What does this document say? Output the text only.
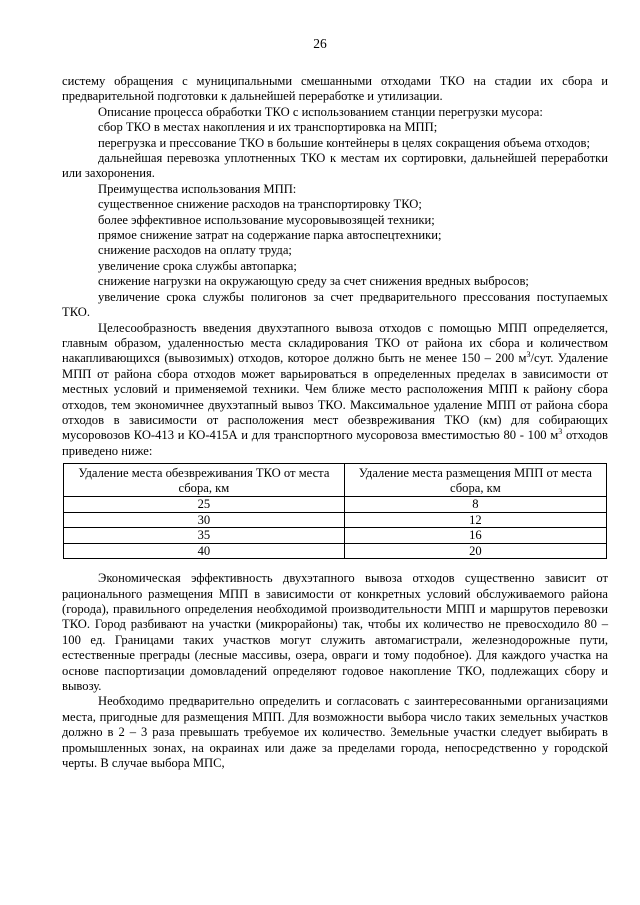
26

систему обращения с муниципальными смешанными отходами ТКО на стадии их сбора и предварительной подготовки к дальнейшей переработке и утилизации.

Описание процесса обработки ТКО с использованием станции перегрузки мусора:

сбор ТКО в местах накопления и их транспортировка на МПП;

перегрузка и прессование ТКО в большие контейнеры в целях сокращения объема отходов;

дальнейшая перевозка уплотненных ТКО к местам их сортировки, дальнейшей переработки или захоронения.

Преимущества использования МПП:

существенное снижение расходов на транспортировку ТКО;

более эффективное использование мусоровывозящей техники;

прямое снижение затрат на содержание парка автоспецтехники;

снижение расходов на оплату труда;

увеличение срока службы автопарка;

снижение нагрузки на окружающую среду за счет снижения вредных выбросов;

увеличение срока службы полигонов за счет предварительного прессования поступаемых ТКО.

Целесообразность введения двухэтапного вывоза отходов с помощью МПП определяется, главным образом, удаленностью места складирования ТКО от района их сбора и количеством накапливающихся (вывозимых) отходов, которое должно быть не менее 150 – 200 $м^3$/сут. Удаление МПП от района сбора отходов может варьироваться в определенных пределах в зависимости от местных условий и применяемой техники. Чем ближе место расположения МПП к району сбора отходов, тем экономичнее двухэтапный вывоз ТКО. Максимальное удаление МПП от района сбора отходов в зависимости от расположения мест обезвреживания ТКО (км) для собирающих мусоровозов КО-413 и КО-415А и для транспортного мусоровоза вместимостью 80 - 100 $м^3$ отходов приведено ниже:

Удаление места обезвреживания ТКО от места сбора, км	Удаление места размещения МПП от места сбора, км
25	8
30	12
35	16
40	20

Экономическая эффективность двухэтапного вывоза отходов существенно зависит от рационального размещения МПП в зависимости от конкретных условий обслуживаемого района (города), правильного определения необходимой производительности МПП и маршрутов перевозки ТКО. Город разбивают на участки (микрорайоны) так, чтобы их количество не превосходило 80 – 100 ед. Границами таких участков могут служить автомагистрали, железнодорожные пути, естественные преграды (лесные массивы, озера, овраги и тому подобное). Для каждого участка на основе паспортизации домовладений определяют годовое накопление ТКО, подлежащих сбору и вывозу.

Необходимо предварительно определить и согласовать с заинтересованными организациями места, пригодные для размещения МПП. Для возможности выбора число таких земельных участков должно в 2 – 3 раза превышать требуемое их количество. Земельные участки следует выбирать в промышленных зонах, на окраинах или даже за пределами города, непосредственно у городской черты. В случае выбора МПС,
